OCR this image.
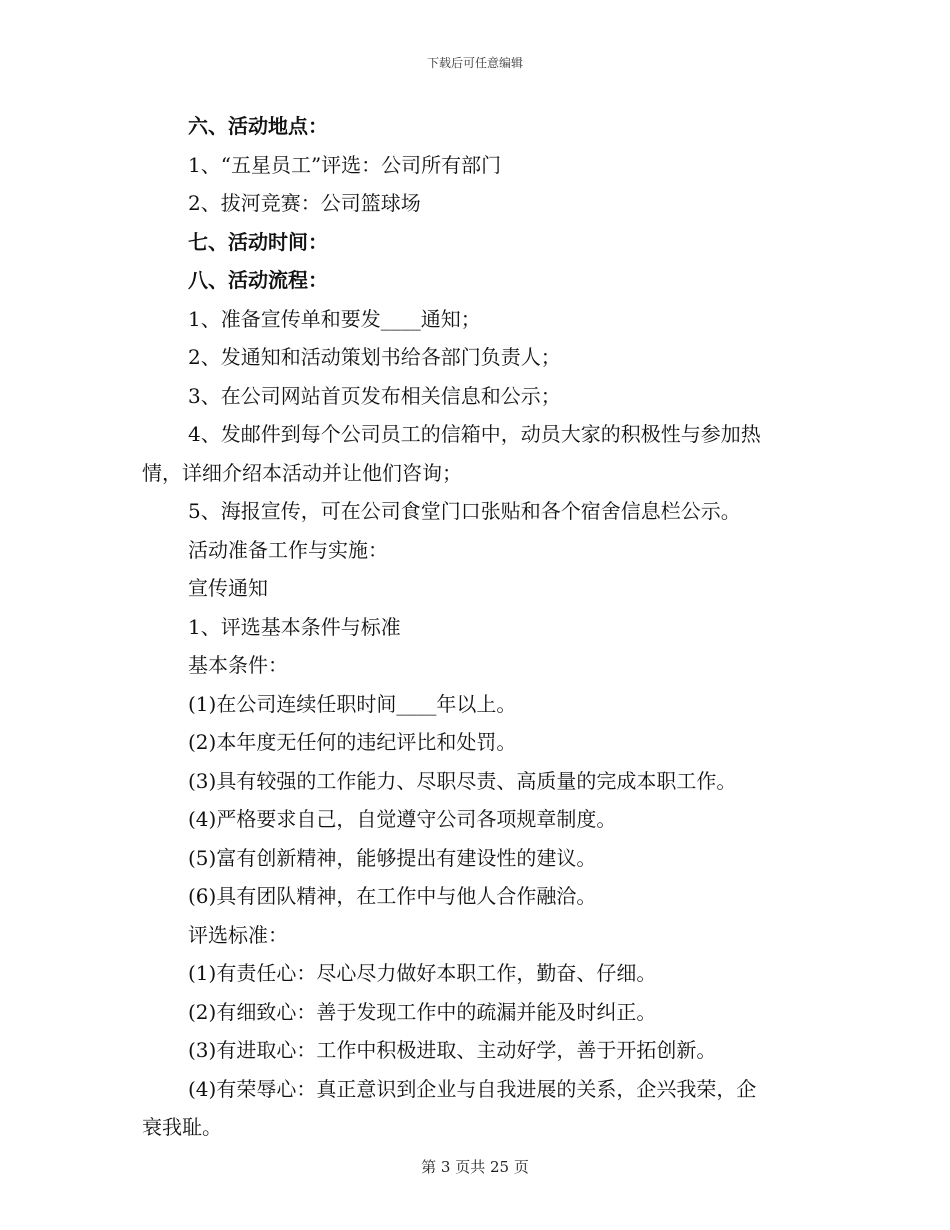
下载后可任意编辑
六、活动地点：
1、“五星员工”评选：公司所有部门
2、拔河竞赛：公司篮球场
七、活动时间：
八、活动流程：
1、准备宣传单和要发____通知；
2、发通知和活动策划书给各部门负责人；
3、在公司网站首页发布相关信息和公示；
4、发邮件到每个公司员工的信箱中，动员大家的积极性与参加热
情，详细介绍本活动并让他们咨询；
5、海报宣传，可在公司食堂门口张贴和各个宿舍信息栏公示。
活动准备工作与实施：
宣传通知
1、评选基本条件与标准
基本条件：
(1)在公司连续任职时间____年以上。
(2)本年度无任何的违纪评比和处罚。
(3)具有较强的工作能力、尽职尽责、高质量的完成本职工作。
(4)严格要求自己，自觉遵守公司各项规章制度。
(5)富有创新精神，能够提出有建设性的建议。
(6)具有团队精神，在工作中与他人合作融洽。
评选标准：
(1)有责任心：尽心尽力做好本职工作，勤奋、仔细。
(2)有细致心：善于发现工作中的疏漏并能及时纠正。
(3)有进取心：工作中积极进取、主动好学，善于开拓创新。
(4)有荣辱心：真正意识到企业与自我进展的关系，企兴我荣，企
衰我耻。
第 3 页共 25 页
